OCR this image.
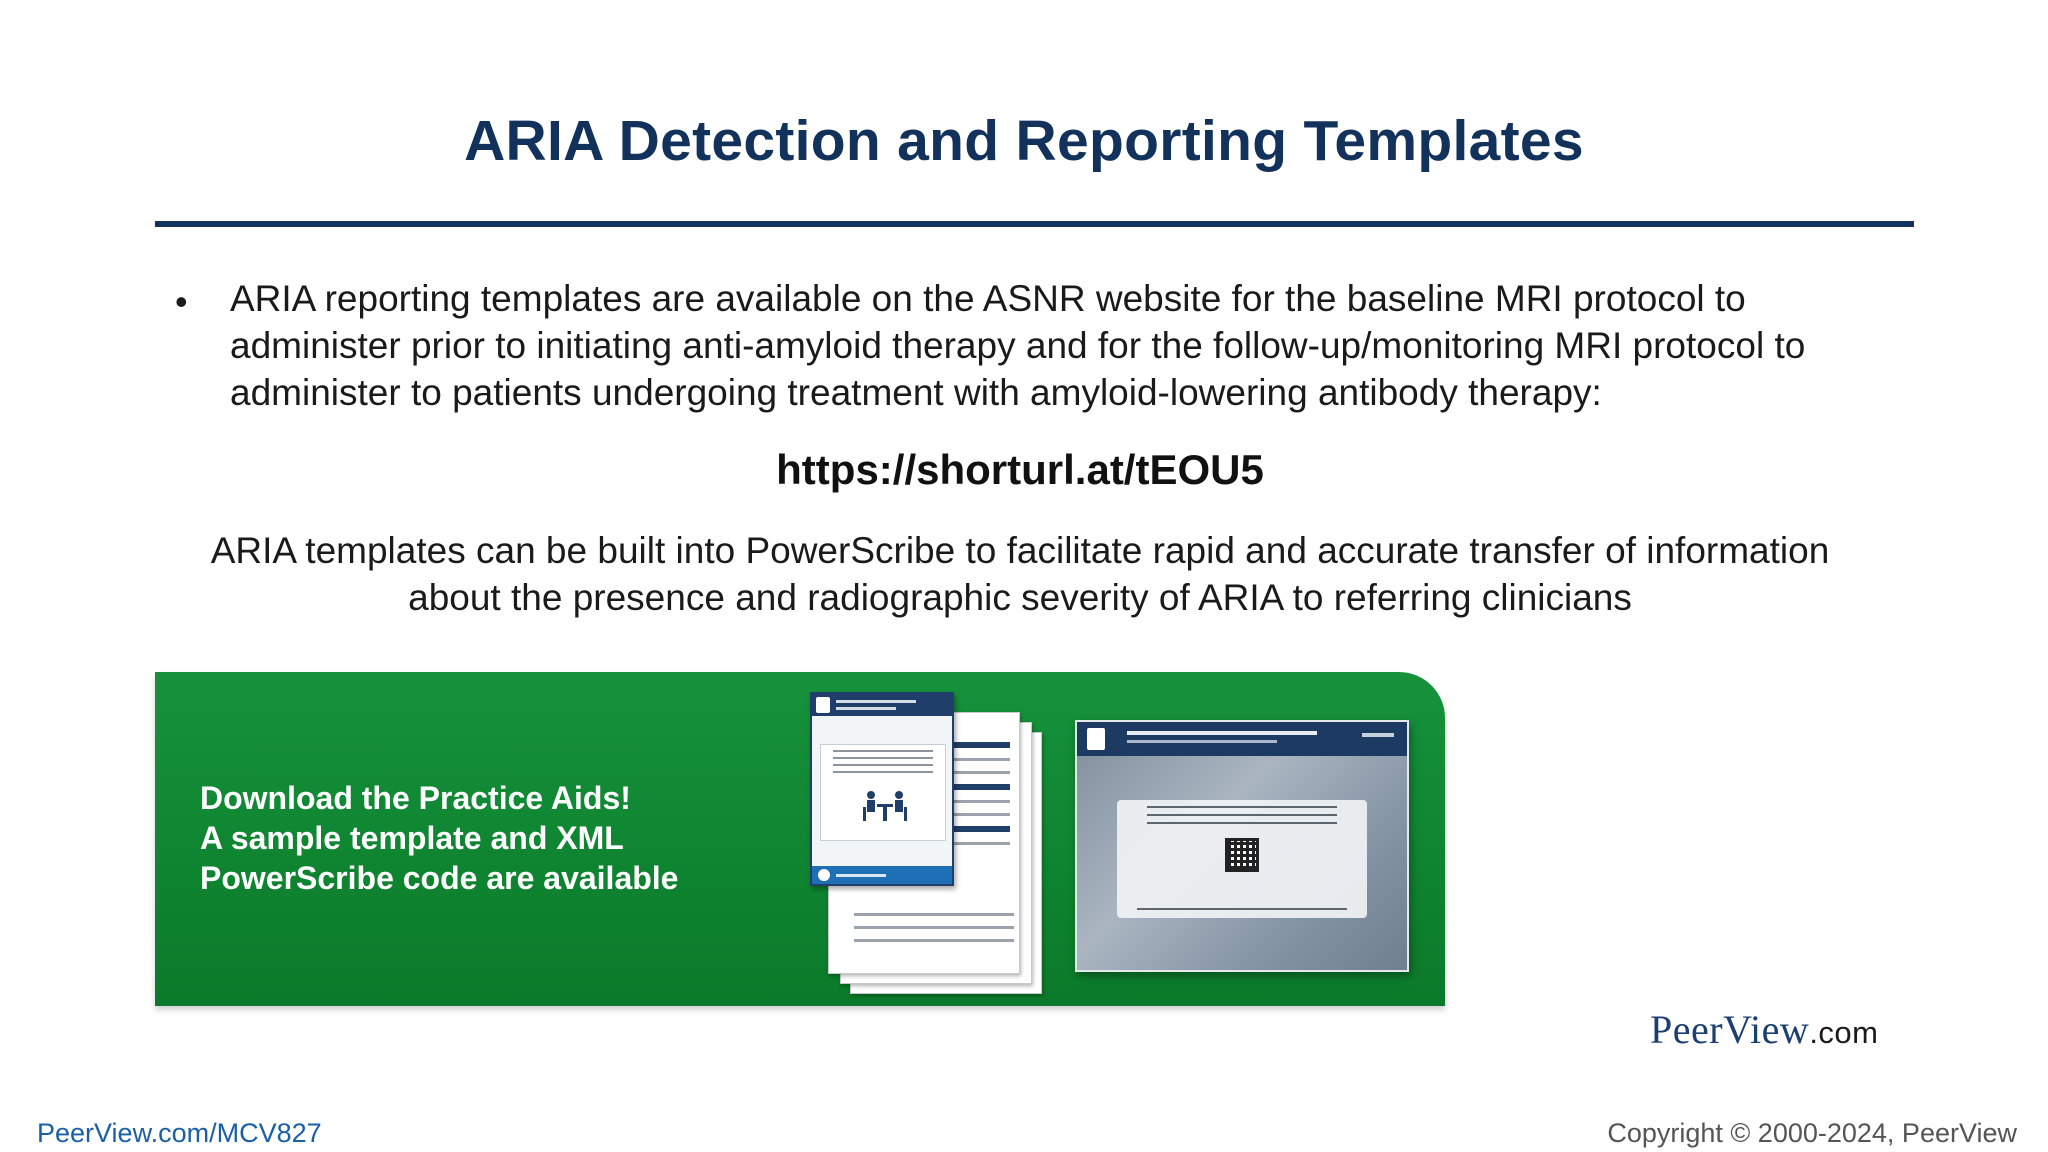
ARIA Detection and Reporting Templates
• ARIA reporting templates are available on the ASNR website for the baseline MRI protocol to administer prior to initiating anti-amyloid therapy and for the follow-up/monitoring MRI protocol to administer to patients undergoing treatment with amyloid-lowering antibody therapy:
https://shorturl.at/tEOU5
ARIA templates can be built into PowerScribe to facilitate rapid and accurate transfer of information about the presence and radiographic severity of ARIA to referring clinicians
Download the Practice Aids!
A sample template and XML
PowerScribe code are available
PeerView.com
PeerView.com/MCV827	Copyright © 2000-2024, PeerView
